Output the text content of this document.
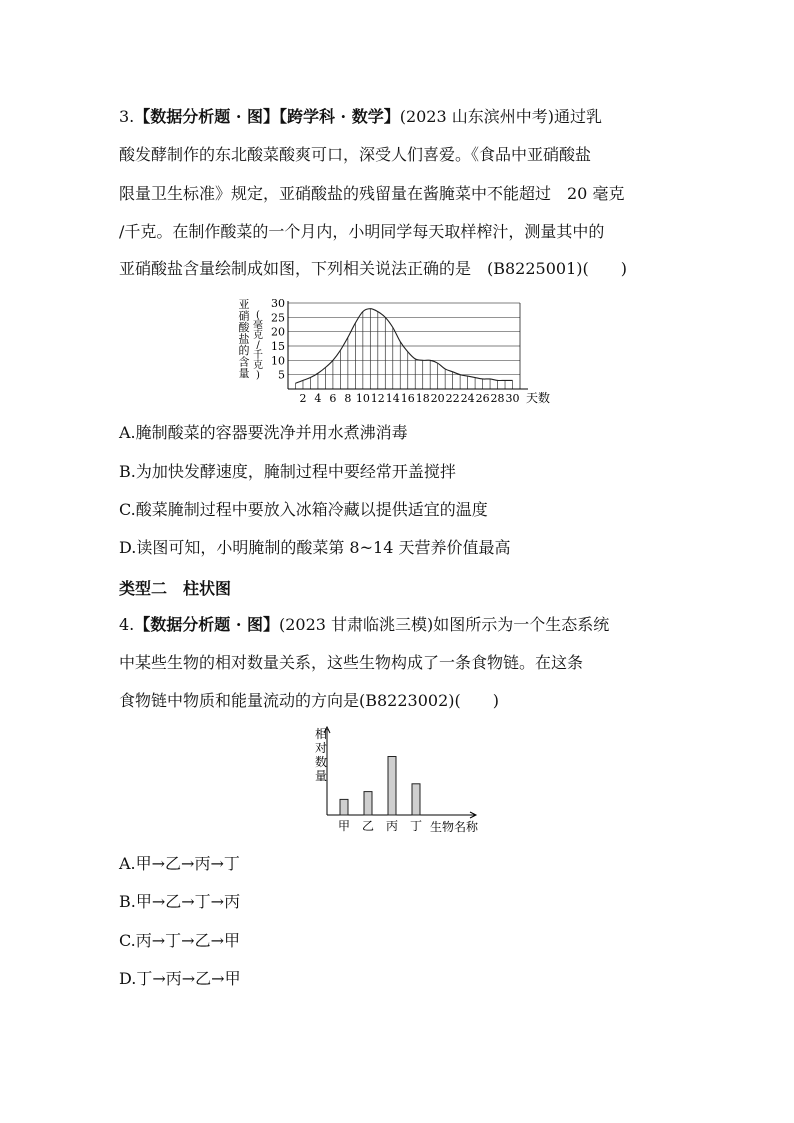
3.【数据分析题 · 图】【跨学科 · 数学】(2023 山东滨州中考)通过乳
酸发酵制作的东北酸菜酸爽可口，深受人们喜爱。《食品中亚硝酸盐
限量卫生标准》规定，亚硝酸盐的残留量在酱腌菜中不能超过　20 毫克
/千克。在制作酸菜的一个月内，小明同学每天取样榨汁，测量其中的
亚硝酸盐含量绘制成如图，下列相关说法正确的是　(B8225001)(　　)
亚
硝
酸
盐
的
含
量
(
毫
克
/
千
克
) 5
10
15
20
25
30
2 4 6 8 10 12 14 16 18 20 22 24 26 28 30 天数
A.腌制酸菜的容器要洗净并用水煮沸消毒
B.为加快发酵速度，腌制过程中要经常开盖搅拌
C.酸菜腌制过程中要放入冰箱冷藏以提供适宜的温度
D.读图可知，小明腌制的酸菜第 8~14 天营养价值最高
类型二　柱状图
4.【数据分析题 · 图】(2023 甘肃临洮三模)如图所示为一个生态系统
中某些生物的相对数量关系，这些生物构成了一条食物链。在这条
食物链中物质和能量流动的方向是(B8223002)(　　)
相
对
数
量
甲 乙 丙 丁 生物名称
A.甲→乙→丙→丁
B.甲→乙→丁→丙
C.丙→丁→乙→甲
D.丁→丙→乙→甲
